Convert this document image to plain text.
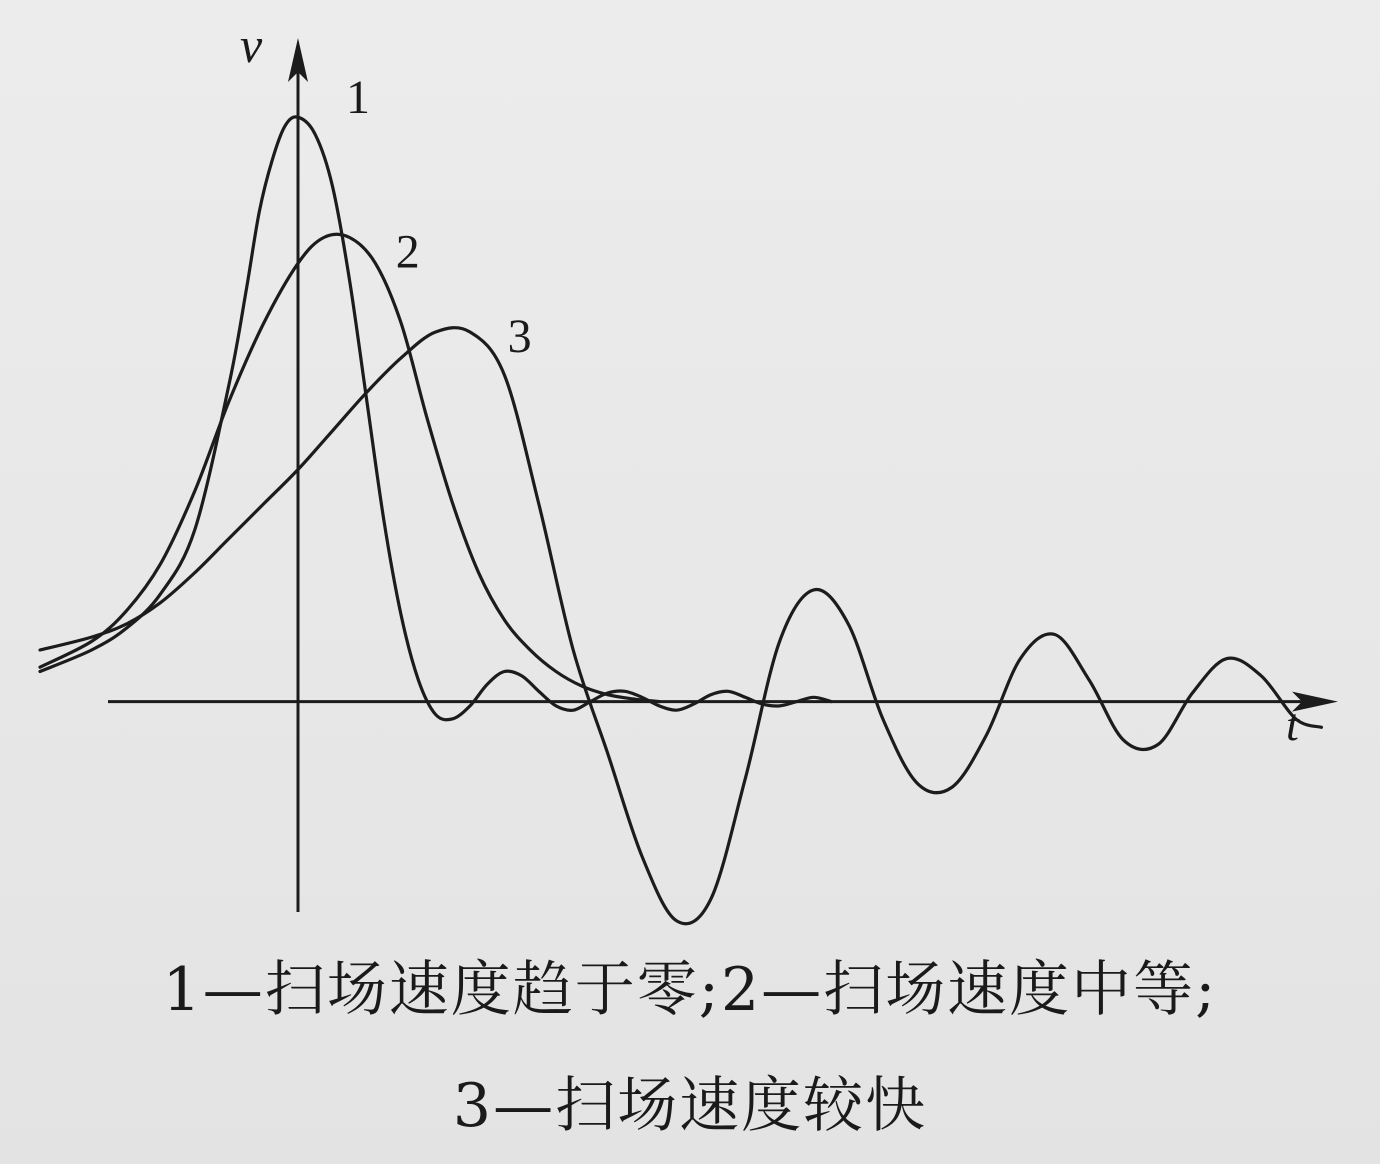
v
t
1
2
3
1—扫场速度趋于零;2—扫场速度中等;
3—扫场速度较快
